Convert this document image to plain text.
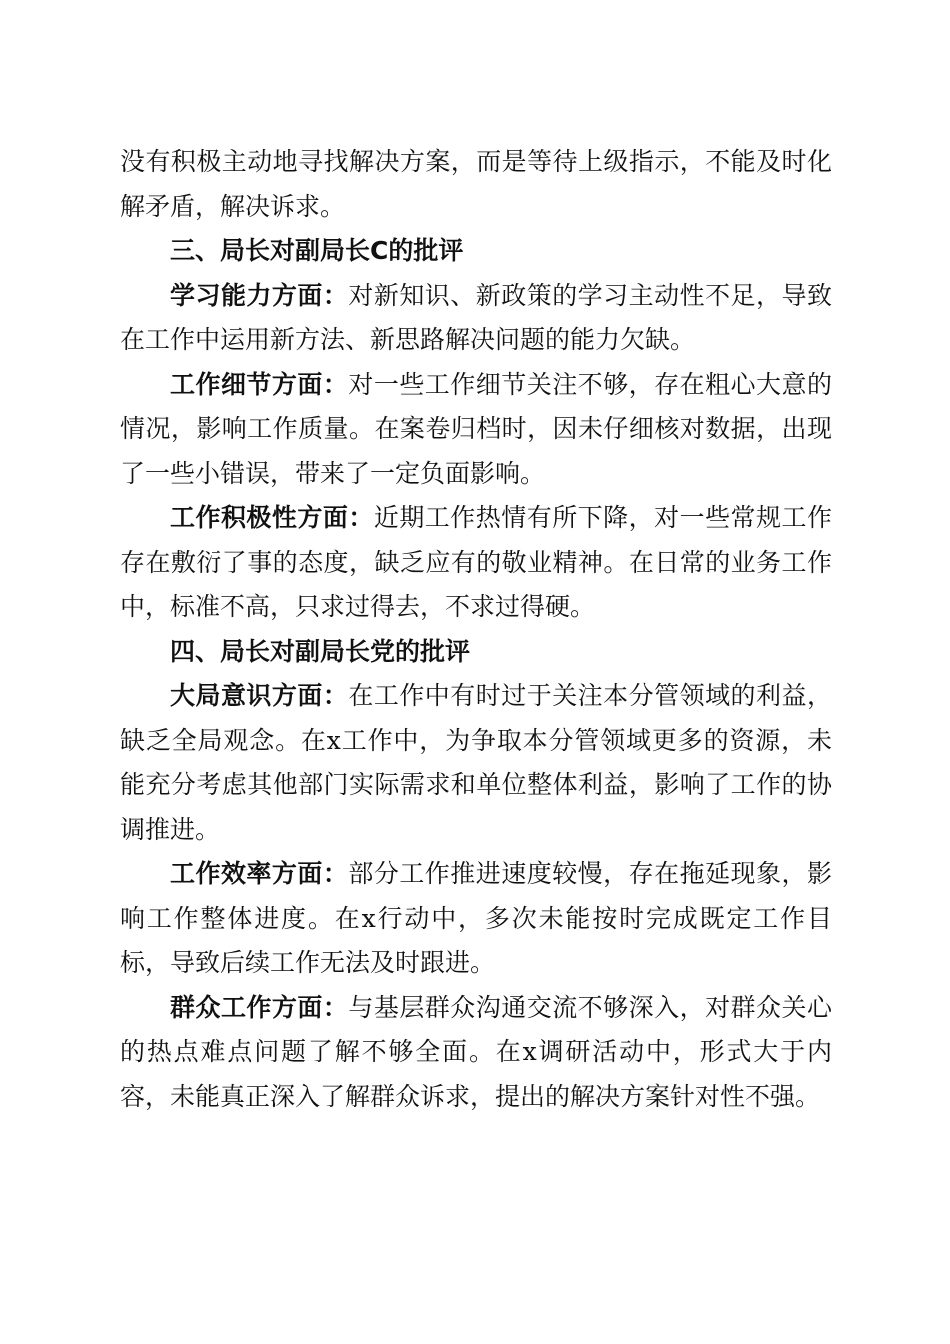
没有积极主动地寻找解决方案，而是等待上级指示，不能及时化解矛盾，解决诉求。

三、局长对副局长C的批评

学习能力方面：对新知识、新政策的学习主动性不足，导致在工作中运用新方法、新思路解决问题的能力欠缺。

工作细节方面：对一些工作细节关注不够，存在粗心大意的情况，影响工作质量。在案卷归档时，因未仔细核对数据，出现了一些小错误，带来了一定负面影响。

工作积极性方面：近期工作热情有所下降，对一些常规工作存在敷衍了事的态度，缺乏应有的敬业精神。在日常的业务工作中，标准不高，只求过得去，不求过得硬。

四、局长对副局长党的批评

大局意识方面：在工作中有时过于关注本分管领域的利益，缺乏全局观念。在x工作中，为争取本分管领域更多的资源，未能充分考虑其他部门实际需求和单位整体利益，影响了工作的协调推进。

工作效率方面：部分工作推进速度较慢，存在拖延现象，影响工作整体进度。在x行动中，多次未能按时完成既定工作目标，导致后续工作无法及时跟进。

群众工作方面：与基层群众沟通交流不够深入，对群众关心的热点难点问题了解不够全面。在x调研活动中，形式大于内容，未能真正深入了解群众诉求，提出的解决方案针对性不强。
